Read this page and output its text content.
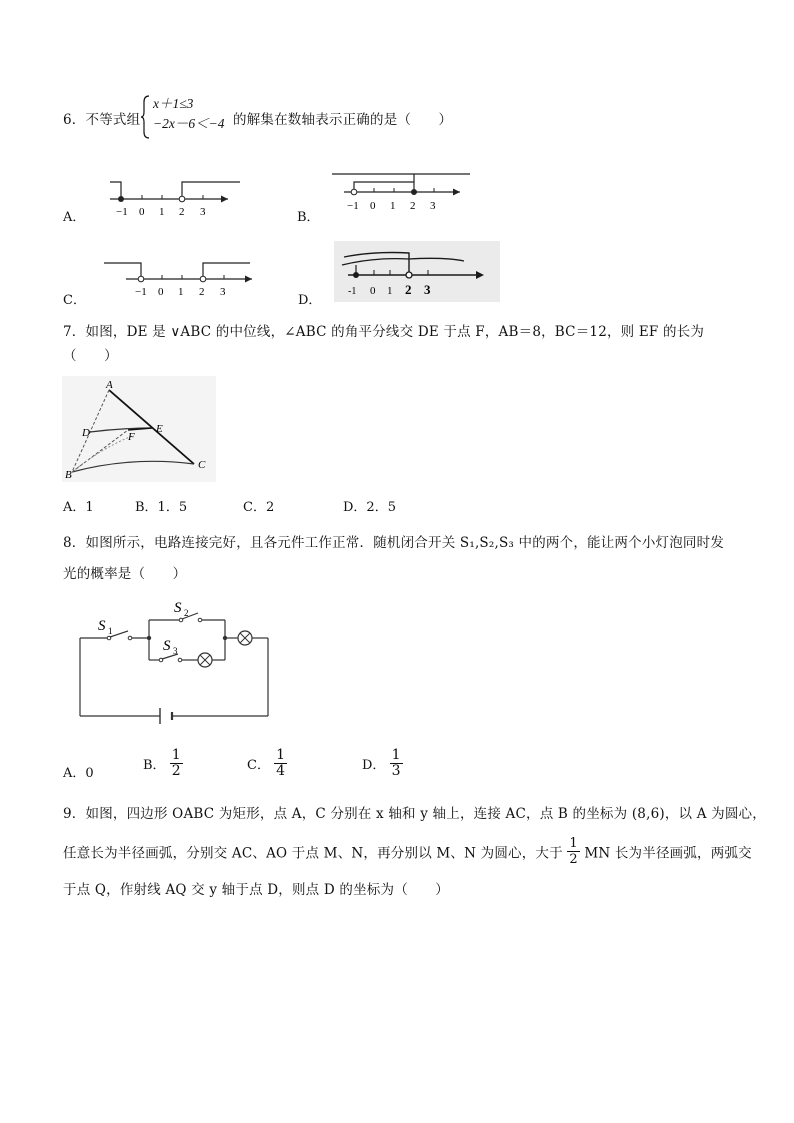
6．不等式组
x＋1≤3
−2x－6＜−4 的解集在数轴表示正确的是（　　）
A．	−1 0 1 2 3	B．
−1 0 1 2 3
C．
−1 0 1 2 3
D．
-1 0 1 2 3
7．如图，DE 是 ∨ABC 的中位线，∠ABC 的角平分线交 DE 于点 F，AB＝8，BC＝12，则 EF 的长为
（　　）
A
D	F
E
B
C
A．1	B．1．5	C．2	D．2．5
8．如图所示，电路连接完好，且各元件工作正常．随机闭合开关 S₁,S₂,S₃ 中的两个，能让两个小灯泡同时发
光的概率是（　　）
S 1
S 2
S 3
A．0
B． $\frac{1}{2}$	C． $\frac{1}{4}$	D． $\frac{1}{3}$
9．如图，四边形 OABC 为矩形，点 A，C 分别在 x 轴和 y 轴上，连接 AC，点 B 的坐标为 (8,6)，以 A 为圆心，
任意长为半径画弧，分别交 AC、AO 于点 M、N，再分别以 M、N 为圆心，大于 $\frac{1}{2}$ MN 长为半径画弧，两弧交
于点 Q，作射线 AQ 交 y 轴于点 D，则点 D 的坐标为（　　）
